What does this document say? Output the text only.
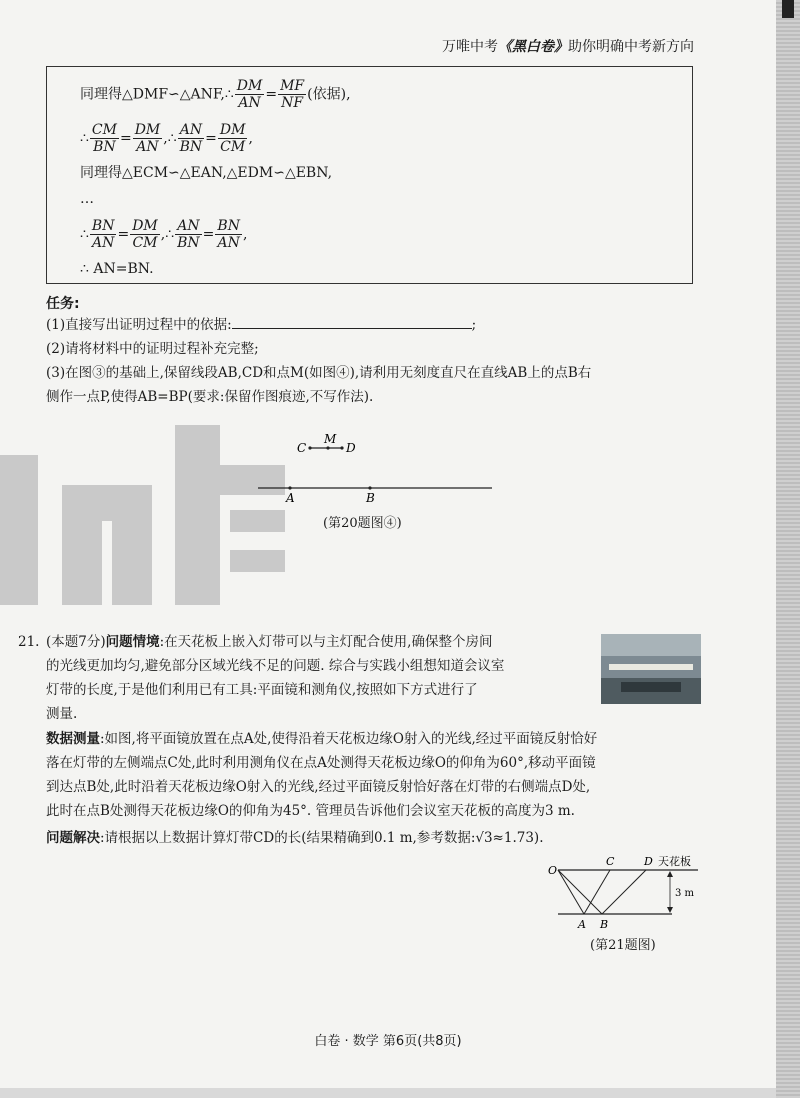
万唯中考《黑白卷》助你明确中考新方向
同理得△DMF∽△ANF,∴ $\frac{DM}{AN} = \frac{MF}{NF}$ (依据),
∴ $\frac{CM}{BN} = \frac{DM}{AN}$ ,∴ $\frac{AN}{BN} = \frac{DM}{CM}$ ,
同理得△ECM∽△EAN,△EDM∽△EBN,
…
∴ $\frac{BN}{AN} = \frac{DM}{CM}$ ,∴ $\frac{AN}{BN} = \frac{BN}{AN}$ ,
∴ AN=BN.
任务:
(1)直接写出证明过程中的依据:	;
(2)请将材料中的证明过程补充完整;
(3)在图③的基础上,保留线段AB,CD和点M(如图④),请利用无刻度直尺在直线AB上的点B右
侧作一点P,使得AB=BP(要求:保留作图痕迹,不写作法).
C
M
D
A	B
(第20题图④)
21. (本题7分)问题情境:在天花板上嵌入灯带可以与主灯配合使用,确保整个房间
的光线更加均匀,避免部分区域光线不足的问题. 综合与实践小组想知道会议室
灯带的长度,于是他们利用已有工具:平面镜和测角仪,按照如下方式进行了
测量.
数据测量:如图,将平面镜放置在点A处,使得沿着天花板边缘O射入的光线,经过平面镜反射恰好
落在灯带的左侧端点C处,此时利用测角仪在点A处测得天花板边缘O的仰角为60°,移动平面镜
到达点B处,此时沿着天花板边缘O射入的光线,经过平面镜反射恰好落在灯带的右侧端点D处,
此时在点B处测得天花板边缘O的仰角为45°. 管理员告诉他们会议室天花板的高度为3 m.
问题解决:请根据以上数据计算灯带CD的长(结果精确到0.1 m,参考数据:√3≈1.73).
O
C	D 天花板
3 m
A B
(第21题图)
白卷 · 数学 第6页(共8页)
